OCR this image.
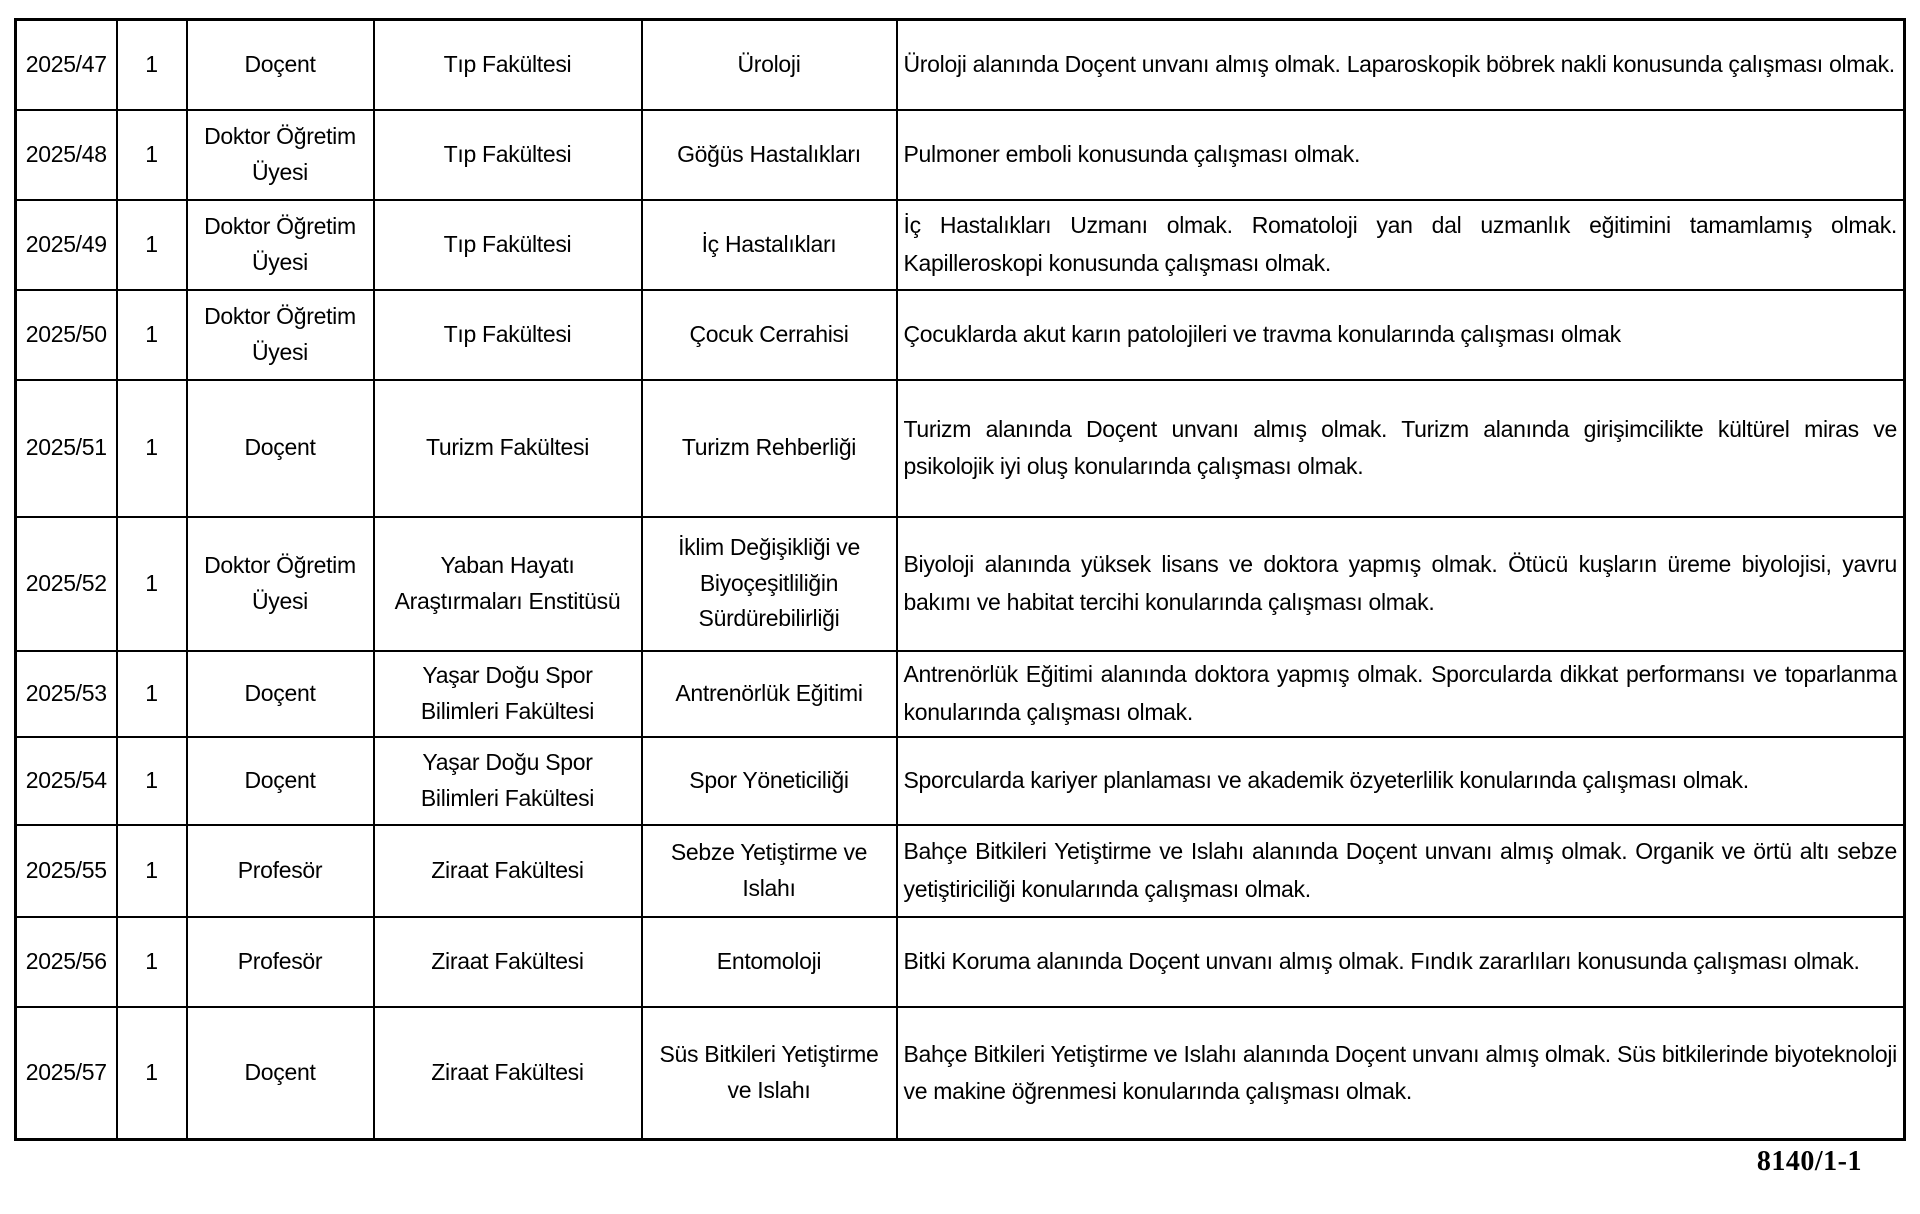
2025/47	1	Doçent	Tıp Fakültesi	Üroloji	Üroloji alanında Doçent unvanı almış olmak. Laparoskopik böbrek nakli konusunda çalışması olmak.
2025/48	1	Doktor Öğretim Üyesi	Tıp Fakültesi	Göğüs Hastalıkları	Pulmoner emboli konusunda çalışması olmak.
2025/49	1	Doktor Öğretim Üyesi	Tıp Fakültesi	İç Hastalıkları	İç Hastalıkları Uzmanı olmak. Romatoloji yan dal uzmanlık eğitimini tamamlamış olmak. Kapilleroskopi konusunda çalışması olmak.
2025/50	1	Doktor Öğretim Üyesi	Tıp Fakültesi	Çocuk Cerrahisi	Çocuklarda akut karın patolojileri ve travma konularında çalışması olmak
2025/51	1	Doçent	Turizm Fakültesi	Turizm Rehberliği	Turizm alanında Doçent unvanı almış olmak. Turizm alanında girişimcilikte kültürel miras ve psikolojik iyi oluş konularında çalışması olmak.
2025/52	1	Doktor Öğretim Üyesi	Yaban Hayatı Araştırmaları Enstitüsü	İklim Değişikliği ve Biyoçeşitliliğin Sürdürebilirliği	Biyoloji alanında yüksek lisans ve doktora yapmış olmak. Ötücü kuşların üreme biyolojisi, yavru bakımı ve habitat tercihi konularında çalışması olmak.
2025/53	1	Doçent	Yaşar Doğu Spor Bilimleri Fakültesi	Antrenörlük Eğitimi	Antrenörlük Eğitimi alanında doktora yapmış olmak. Sporcularda dikkat performansı ve toparlanma konularında çalışması olmak.
2025/54	1	Doçent	Yaşar Doğu Spor Bilimleri Fakültesi	Spor Yöneticiliği	Sporcularda kariyer planlaması ve akademik özyeterlilik konularında çalışması olmak.
2025/55	1	Profesör	Ziraat Fakültesi	Sebze Yetiştirme ve Islahı	Bahçe Bitkileri Yetiştirme ve Islahı alanında Doçent unvanı almış olmak. Organik ve örtü altı sebze yetiştiriciliği konularında çalışması olmak.
2025/56	1	Profesör	Ziraat Fakültesi	Entomoloji	Bitki Koruma alanında Doçent unvanı almış olmak. Fındık zararlıları konusunda çalışması olmak.
2025/57	1	Doçent	Ziraat Fakültesi	Süs Bitkileri Yetiştirme ve Islahı	Bahçe Bitkileri Yetiştirme ve Islahı alanında Doçent unvanı almış olmak. Süs bitkilerinde biyoteknoloji ve makine öğrenmesi konularında çalışması olmak.
8140/1-1
